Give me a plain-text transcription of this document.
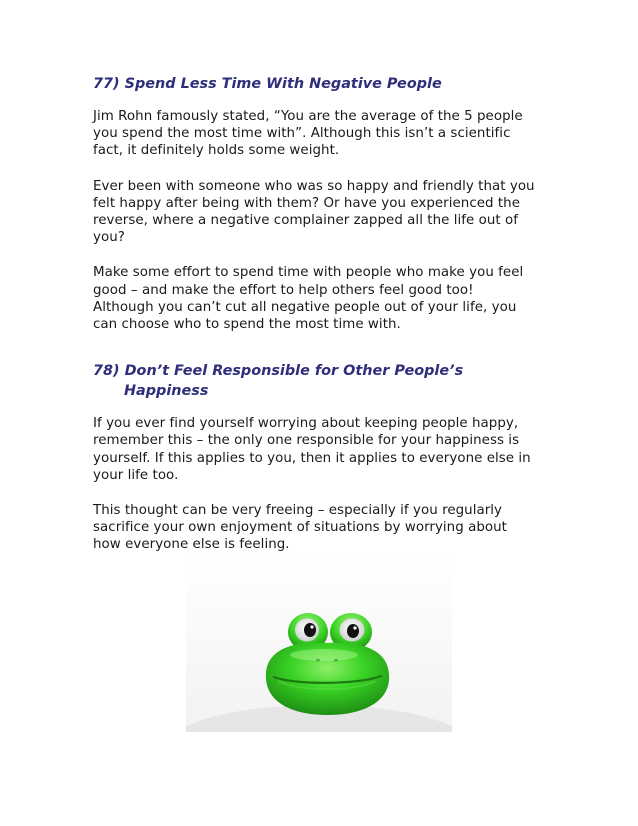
77) Spend Less Time With Negative People

Jim Rohn famously stated, “You are the average of the 5 people
you spend the most time with”. Although this isn’t a scientific
fact, it definitely holds some weight.

Ever been with someone who was so happy and friendly that you
felt happy after being with them? Or have you experienced the
reverse, where a negative complainer zapped all the life out of
you?

Make some effort to spend time with people who make you feel
good – and make the effort to help others feel good too!
Although you can’t cut all negative people out of your life, you
can choose who to spend the most time with.

78) Don’t Feel Responsible for Other People’s
Happiness

If you ever find yourself worrying about keeping people happy,
remember this – the only one responsible for your happiness is
yourself. If this applies to you, then it applies to everyone else in
your life too.

This thought can be very freeing – especially if you regularly
sacrifice your own enjoyment of situations by worrying about
how everyone else is feeling.
